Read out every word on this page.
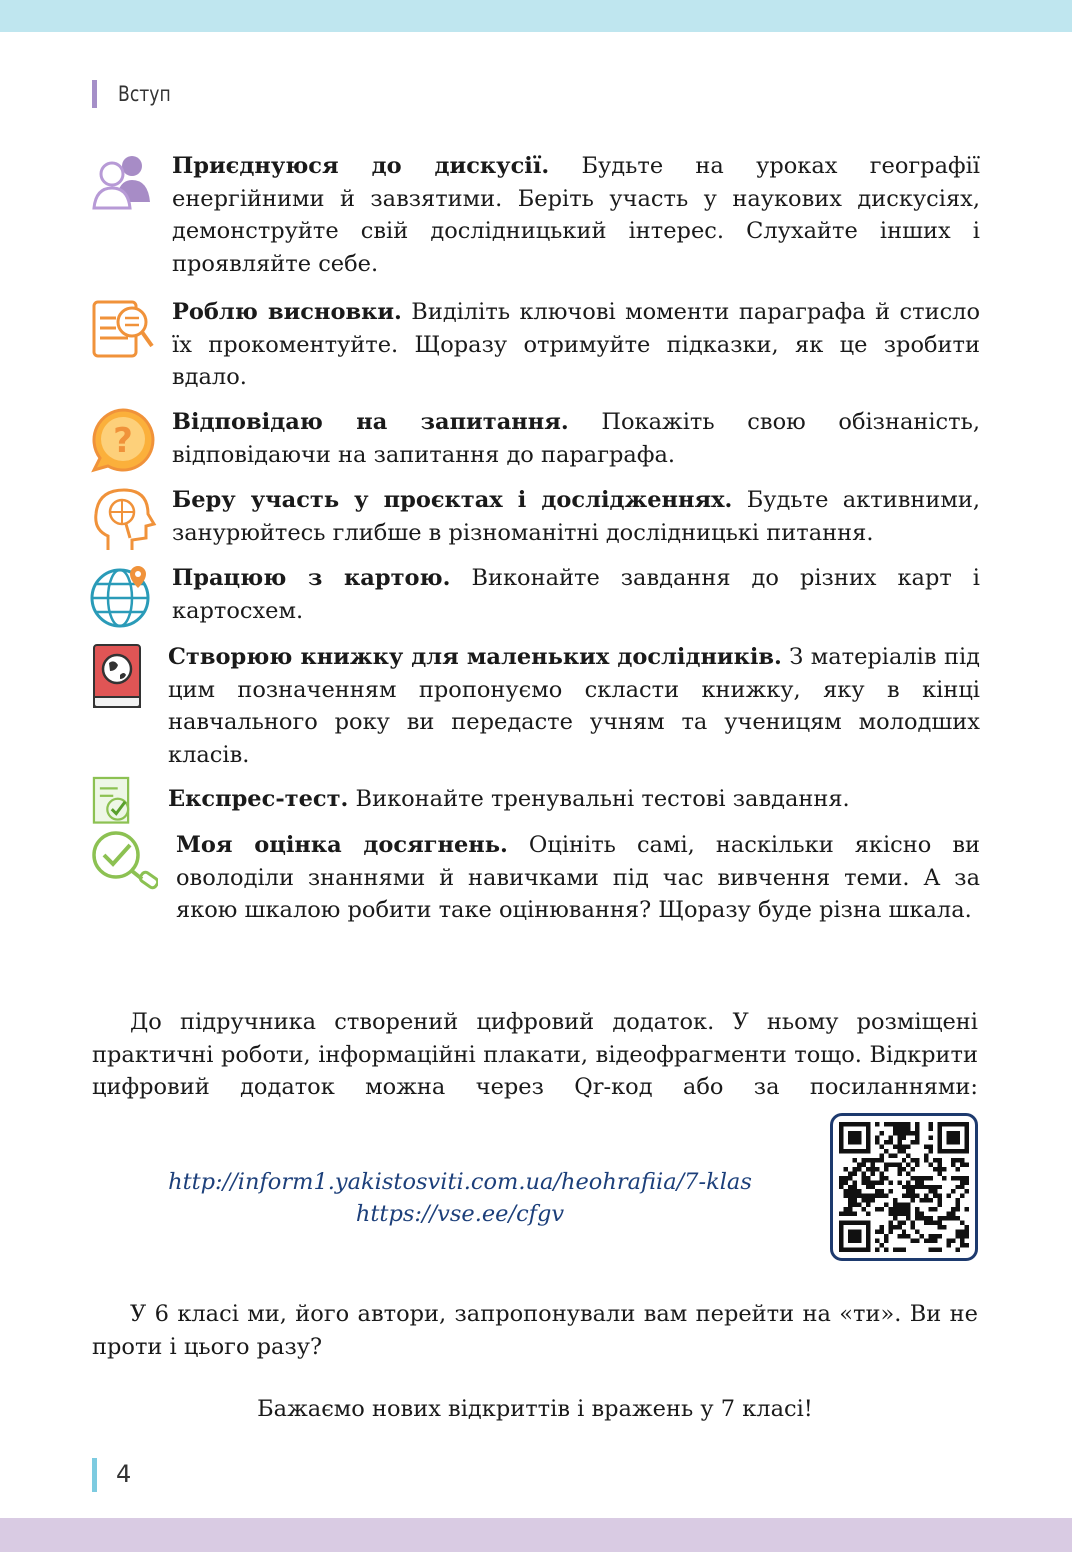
Вступ
Приєднуюся до дискусії. Будьте на уроках географії енергійними й завзятими. Беріть участь у наукових дискусіях, демонструйте свій дослідницький інтерес. Слухайте інших і проявляйте себе.
Роблю висновки. Виділіть ключові моменти параграфа й стисло їх прокоментуйте. Щоразу отримуйте підказки, як це зробити вдало.
? Відповідаю на запитання. Покажіть свою обізнаність, відповідаючи на запитання до параграфа.
Беру участь у проєктах і дослідженнях. Будьте активними, занурюйтесь глибше в різноманітні дослідницькі питання.
Працюю з картою. Виконайте завдання до різних карт і картосхем.
Створюю книжку для маленьких дослідників. З матеріалів під цим позначенням пропонуємо скласти книжку, яку в кінці навчального року ви передасте учням та ученицям молодших класів.
Експрес-тест. Виконайте тренувальні тестові завдання.
Моя оцінка досягнень. Оцініть самі, наскільки якісно ви оволоділи знаннями й навичками під час вивчення теми. А за якою шкалою робити таке оцінювання? Щоразу буде різна шкала.
До підручника створений цифровий додаток. У ньому розміщені практичні роботи, інформаційні плакати, відеофрагменти тощо. Відкрити цифровий додаток можна через Qr-код або за посиланнями:
http://inform1.yakistosviti.com.ua/heohrafiia/7-klas
https://vse.ee/cfgv
У 6 класі ми, його автори, запропонували вам перейти на «ти». Ви не проти і цього разу?
Бажаємо нових відкриттів і вражень у 7 класі!
4
